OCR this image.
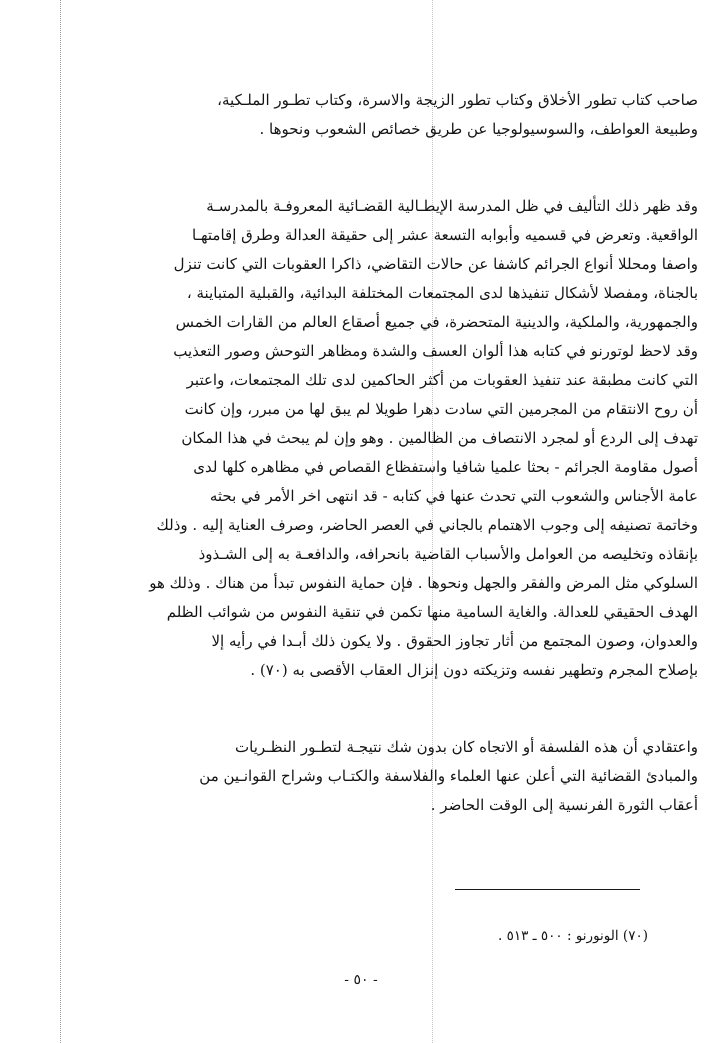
صاحب كتاب تطور الأخلاق وكتاب تطور الزيجة والاسرة، وكتاب تطـور الملـكية،
وطبيعة العواطف، والسوسيولوجيا عن طريق خصائص الشعوب ونحوها .
وقد ظهر ذلك التأليف في ظل المدرسة الإيطـالية القضـائية المعروفـة بالمدرسـة
الواقعية. وتعرض في قسميه وأبوابه التسعة عشر إلى حقيقة العدالة وطرق إقامتهـا
واصفا ومحللا أنواع الجرائم كاشفا عن حالات التقاضي، ذاكرا العقوبات التي كانت تنزل
بالجناة، ومفصلا لأشكال تنفيذها لدى المجتمعات المختلفة البدائية، والقبلية المتباينة ،
والجمهورية، والملكية، والدينية المتحضرة، في جميع أصقاع العالم من القارات الخمس
وقد لاحظ لوتورنو في كتابه هذا ألوان العسف والشدة ومظاهر التوحش وصور التعذيب
التي كانت مطبقة عند تنفيذ العقوبات من أكثر الحاكمين لدى تلك المجتمعات، واعتبر
أن روح الانتقام من المجرمين التي سادت دهرا طويلا لم يبق لها من مبرر، وإن كانت
تهدف إلى الردع أو لمجرد الانتصاف من الظالمين . وهو وإن لم يبحث في هذا المكان
أصول مقاومة الجرائم - بحثا علميا شافيا واستفظاع القصاص في مظاهره كلها لدى
عامة الأجناس والشعوب التي تحدث عنها في كتابه - قد انتهى اخر الأمر في بحثه
وخاتمة تصنيفه إلى وجوب الاهتمام بالجاني في العصر الحاضر، وصرف العناية إليه . وذلك
بإنقاذه وتخليصه من العوامل والأسباب القاضية بانحرافه، والدافعـة به إلى الشـذوذ
السلوكي مثل المرض والفقر والجهل ونحوها . فإن حماية النفوس تبدأ من هناك . وذلك هو
الهدف الحقيقي للعدالة. والغاية السامية منها تكمن في تنقية النفوس من شوائب الظلم
والعدوان، وصون المجتمع من أثار تجاوز الحقوق . ولا يكون ذلك أبـدا في رأيه إلا
بإصلاح المجرم وتطهير نفسه وتزيكته دون إنزال العقاب الأقصى به (٧٠) .
واعتقادي أن هذه الفلسفة أو الاتجاه كان بدون شك نتيجـة لتطـور النظـريات
والمبادئ القضائية التي أعلن عنها العلماء والفلاسفة والكتـاب وشراح القوانـين من
أعقاب الثورة الفرنسية إلى الوقت الحاضر .
(٧٠) الونورنو : ٥٠٠ ـ ٥١٣ .
- ٥٠ -
